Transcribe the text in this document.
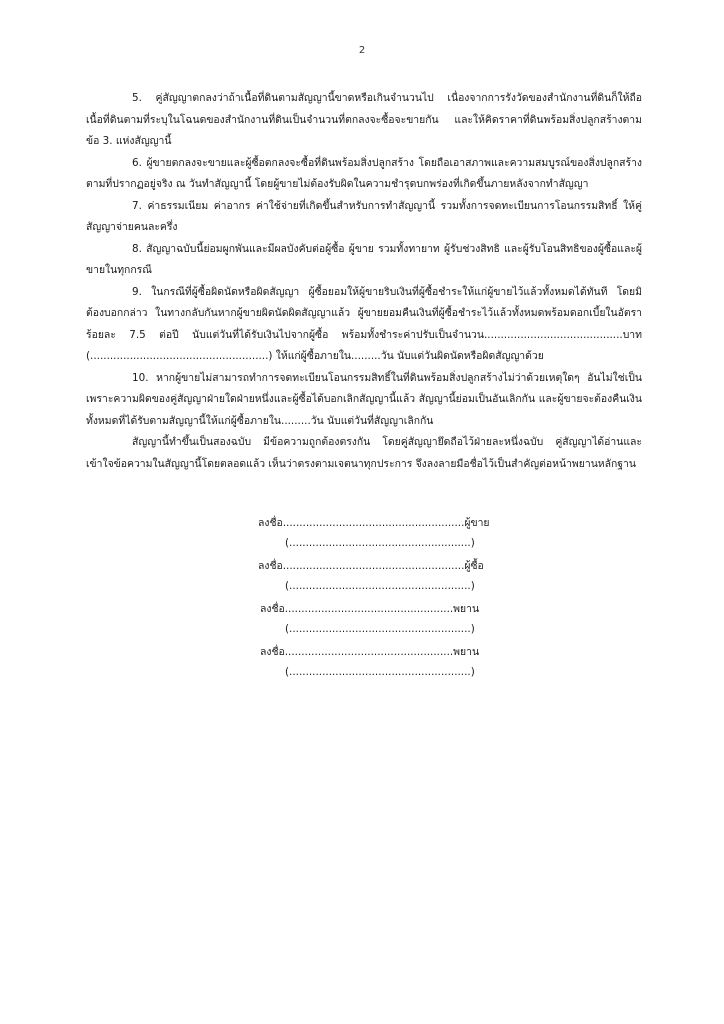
2

5. คู่สัญญาตกลงว่าถ้าเนื้อที่ดินตามสัญญานี้ขาดหรือเกินจำนวนไป เนื่องจากการรังวัดของสำนักงานที่ดินก็ให้ถือเนื้อที่ดินตามที่ระบุในโฉนดของสำนักงานที่ดินเป็นจำนวนที่ตกลงจะซื้อจะขายกัน และให้คิดราคาที่ดินพร้อมสิ่งปลูกสร้างตามข้อ 3. แห่งสัญญานี้

6. ผู้ขายตกลงจะขายและผู้ซื้อตกลงจะซื้อที่ดินพร้อมสิ่งปลูกสร้าง โดยถือเอาสภาพและความสมบูรณ์ของสิ่งปลูกสร้างตามที่ปรากฏอยู่จริง ณ วันทำสัญญานี้ โดยผู้ขายไม่ต้องรับผิดในความชำรุดบกพร่องที่เกิดขึ้นภายหลังจากทำสัญญา

7. ค่าธรรมเนียม ค่าอากร ค่าใช้จ่ายที่เกิดขึ้นสำหรับการทำสัญญานี้ รวมทั้งการจดทะเบียนการโอนกรรมสิทธิ์ ให้คู่สัญญาจ่ายคนละครึ่ง

8. สัญญาฉบับนี้ย่อมผูกพันและมีผลบังคับต่อผู้ซื้อ ผู้ขาย รวมทั้งทายาท ผู้รับช่วงสิทธิ และผู้รับโอนสิทธิของผู้ซื้อและผู้ขายในทุกกรณี

9. ในกรณีที่ผู้ซื้อผิดนัดหรือผิดสัญญา ผู้ซื้อยอมให้ผู้ขายริบเงินที่ผู้ซื้อชำระให้แก่ผู้ขายไว้แล้วทั้งหมดได้ทันที โดยมิต้องบอกกล่าว ในทางกลับกันหากผู้ขายผิดนัดผิดสัญญาแล้ว ผู้ขายยอมคืนเงินที่ผู้ซื้อชำระไว้แล้วทั้งหมดพร้อมดอกเบี้ยในอัตราร้อยละ 7.5 ต่อปี นับแต่วันที่ได้รับเงินไปจากผู้ซื้อ พร้อมทั้งชำระค่าปรับเป็นจำนวน..........................................บาท (......................................................) ให้แก่ผู้ซื้อภายใน.........วัน นับแต่วันผิดนัดหรือผิดสัญญาด้วย

10. หากผู้ขายไม่สามารถทำการจดทะเบียนโอนกรรมสิทธิ์ในที่ดินพร้อมสิ่งปลูกสร้างไม่ว่าด้วยเหตุใดๆ อันไม่ใช่เป็นเพราะความผิดของคู่สัญญาฝ่ายใดฝ่ายหนึ่งและผู้ซื้อได้บอกเลิกสัญญานี้แล้ว สัญญานี้ย่อมเป็นอันเลิกกัน และผู้ขายจะต้องคืนเงินทั้งหมดที่ได้รับตามสัญญานี้ให้แก่ผู้ซื้อภายใน.........วัน นับแต่วันที่สัญญาเลิกกัน

สัญญานี้ทำขึ้นเป็นสองฉบับ มีข้อความถูกต้องตรงกัน โดยคู่สัญญายึดถือไว้ฝ่ายละหนึ่งฉบับ คู่สัญญาได้อ่านและเข้าใจข้อความในสัญญานี้โดยตลอดแล้ว เห็นว่าตรงตามเจตนาทุกประการ จึงลงลายมือชื่อไว้เป็นสำคัญต่อหน้าพยานหลักฐาน

ลงชื่อ.......................................................ผู้ขาย
(.......................................................)
ลงชื่อ.......................................................ผู้ซื้อ
(.......................................................)
ลงชื่อ...................................................พยาน
(.......................................................)
ลงชื่อ...................................................พยาน
(.......................................................)
